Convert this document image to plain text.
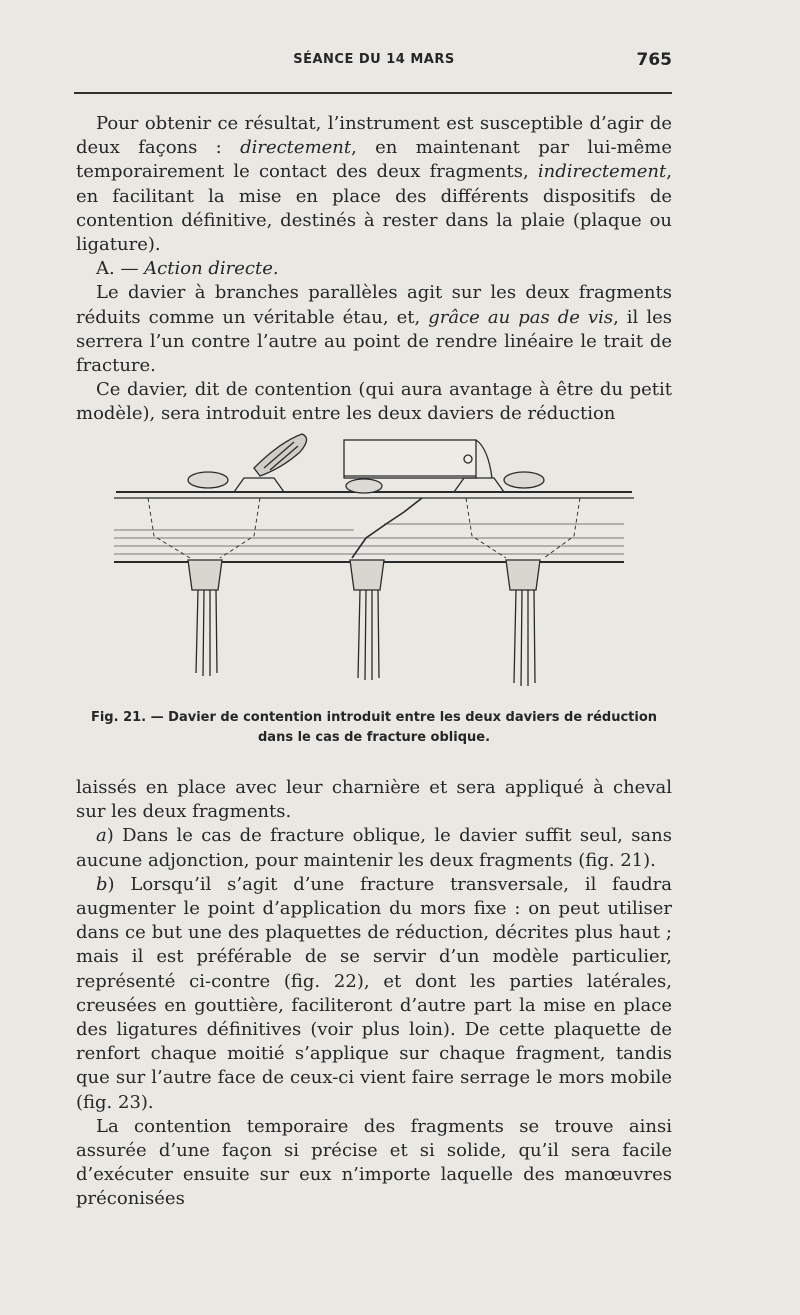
SÉANCE DU 14 MARS	765

Pour obtenir ce résultat, l’instrument est susceptible d’agir de deux façons : directement, en maintenant par lui-même temporairement le contact des deux fragments, indirectement, en facilitant la mise en place des différents dispositifs de contention définitive, destinés à rester dans la plaie (plaque ou ligature).

A. — Action directe.

Le davier à branches parallèles agit sur les deux fragments réduits comme un véritable étau, et, grâce au pas de vis, il les serrera l’un contre l’autre au point de rendre linéaire le trait de fracture.

Ce davier, dit de contention (qui aura avantage à être du petit modèle), sera introduit entre les deux daviers de réduction

Fig. 21. — Davier de contention introduit entre les deux daviers de réduction
dans le cas de fracture oblique.

laissés en place avec leur charnière et sera appliqué à cheval sur les deux fragments.

a) Dans le cas de fracture oblique, le davier suffit seul, sans aucune adjonction, pour maintenir les deux fragments (fig. 21).

b) Lorsqu’il s’agit d’une fracture transversale, il faudra augmenter le point d’application du mors fixe : on peut utiliser dans ce but une des plaquettes de réduction, décrites plus haut ; mais il est préférable de se servir d’un modèle particulier, représenté ci-contre (fig. 22), et dont les parties latérales, creusées en gouttière, faciliteront d’autre part la mise en place des ligatures définitives (voir plus loin). De cette plaquette de renfort chaque moitié s’applique sur chaque fragment, tandis que sur l’autre face de ceux-ci vient faire serrage le mors mobile (fig. 23).

La contention temporaire des fragments se trouve ainsi assurée d’une façon si précise et si solide, qu’il sera facile d’exécuter ensuite sur eux n’importe laquelle des manœuvres préconisées
